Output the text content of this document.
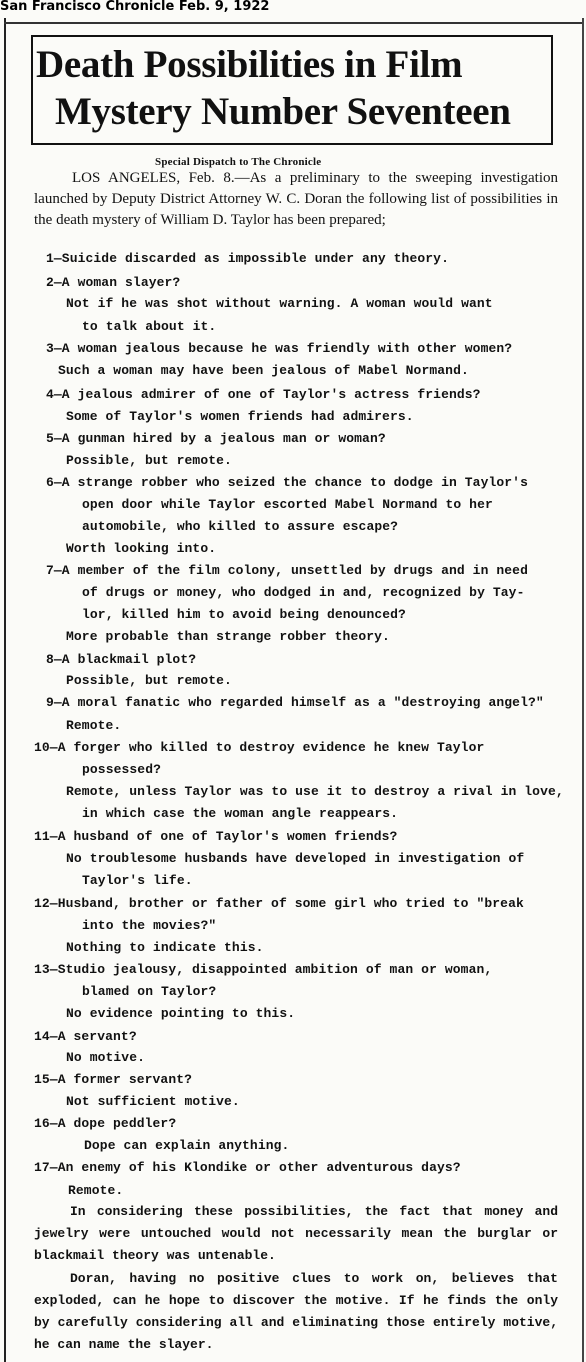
San Francisco Chronicle Feb. 9, 1922
Death Possibilities in Film
Mystery Number Seventeen
Special Dispatch to The Chronicle

LOS ANGELES, Feb. 8.—As a preliminary to the sweeping investigation launched by Deputy District Attorney W. C. Doran the following list of possibilities in the death mystery of William D. Taylor has been prepared;

1—Suicide discarded as impossible under any theory.
2—A woman slayer?
Not if he was shot without warning. A woman would want
to talk about it.
3—A woman jealous because he was friendly with other women?
Such a woman may have been jealous of Mabel Normand.
4—A jealous admirer of one of Taylor's actress friends?
Some of Taylor's women friends had admirers.
5—A gunman hired by a jealous man or woman?
Possible, but remote.
6—A strange robber who seized the chance to dodge in Taylor's
open door while Taylor escorted Mabel Normand to her
automobile, who killed to assure escape?
Worth looking into.
7—A member of the film colony, unsettled by drugs and in need
of drugs or money, who dodged in and, recognized by Tay-
lor, killed him to avoid being denounced?
More probable than strange robber theory.
8—A blackmail plot?
Possible, but remote.
9—A moral fanatic who regarded himself as a "destroying angel?"
Remote.
10—A forger who killed to destroy evidence he knew Taylor
possessed?
Remote, unless Taylor was to use it to destroy a rival in love,
in which case the woman angle reappears.
11—A husband of one of Taylor's women friends?
No troublesome husbands have developed in investigation of
Taylor's life.
12—Husband, brother or father of some girl who tried to "break
into the movies?"
Nothing to indicate this.
13—Studio jealousy, disappointed ambition of man or woman,
blamed on Taylor?
No evidence pointing to this.
14—A servant?
No motive.
15—A former servant?
Not sufficient motive.
16—A dope peddler?
Dope can explain anything.
17—An enemy of his Klondike or other adventurous days?
Remote.
In considering these possibilities, the fact that money and jewelry were untouched would not necessarily mean the burglar or blackmail theory was untenable.
Doran, having no positive clues to work on, believes that exploded, can he hope to discover the motive. If he finds the only by carefully considering all and eliminating those entirely motive, he can name the slayer.
